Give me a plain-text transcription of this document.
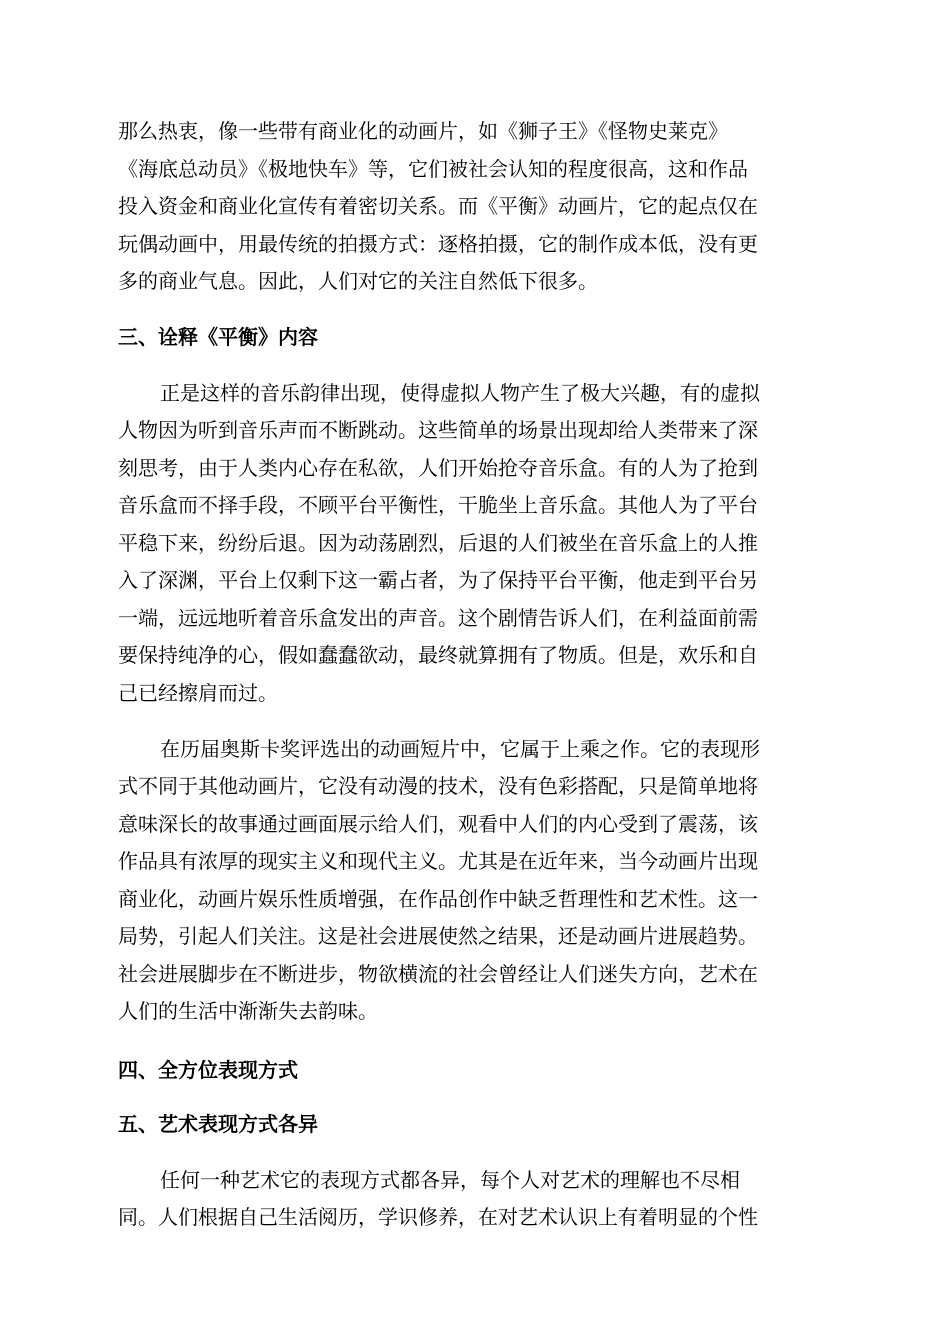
那么热衷，像一些带有商业化的动画片，如《狮子王》《怪物史莱克》
《海底总动员》《极地快车》等，它们被社会认知的程度很高，这和作品
投入资金和商业化宣传有着密切关系。而《平衡》动画片，它的起点仅在
玩偶动画中，用最传统的拍摄方式：逐格拍摄，它的制作成本低，没有更
多的商业气息。因此，人们对它的关注自然低下很多。
三、诠释《平衡》内容
正是这样的音乐韵律出现，使得虚拟人物产生了极大兴趣，有的虚拟
人物因为听到音乐声而不断跳动。这些简单的场景出现却给人类带来了深
刻思考，由于人类内心存在私欲，人们开始抢夺音乐盒。有的人为了抢到
音乐盒而不择手段，不顾平台平衡性，干脆坐上音乐盒。其他人为了平台
平稳下来，纷纷后退。因为动荡剧烈，后退的人们被坐在音乐盒上的人推
入了深渊，平台上仅剩下这一霸占者，为了保持平台平衡，他走到平台另
一端，远远地听着音乐盒发出的声音。这个剧情告诉人们，在利益面前需
要保持纯净的心，假如蠢蠢欲动，最终就算拥有了物质。但是，欢乐和自
己已经擦肩而过。
在历届奥斯卡奖评选出的动画短片中，它属于上乘之作。它的表现形
式不同于其他动画片，它没有动漫的技术，没有色彩搭配，只是简单地将
意味深长的故事通过画面展示给人们，观看中人们的内心受到了震荡，该
作品具有浓厚的现实主义和现代主义。尤其是在近年来，当今动画片出现
商业化，动画片娱乐性质增强，在作品创作中缺乏哲理性和艺术性。这一
局势，引起人们关注。这是社会进展使然之结果，还是动画片进展趋势。
社会进展脚步在不断进步，物欲横流的社会曾经让人们迷失方向，艺术在
人们的生活中渐渐失去韵味。
四、全方位表现方式
五、艺术表现方式各异
任何一种艺术它的表现方式都各异，每个人对艺术的理解也不尽相
同。人们根据自己生活阅历，学识修养，在对艺术认识上有着明显的个性
